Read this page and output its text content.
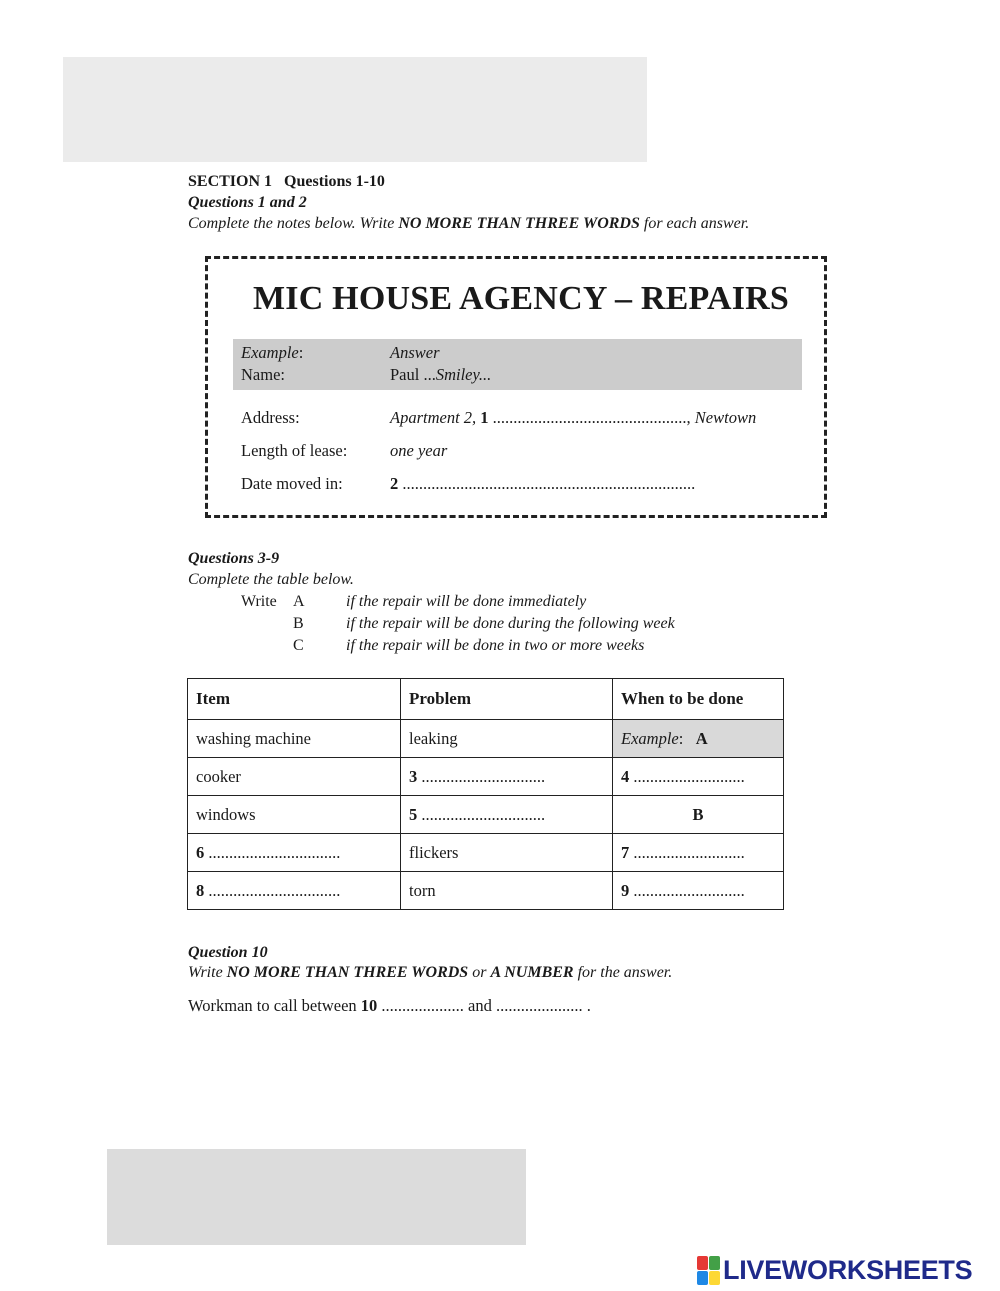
SECTION 1 Questions 1-10
Questions 1 and 2
Complete the notes below. Write NO MORE THAN THREE WORDS for each answer.
MIC HOUSE AGENCY – REPAIRS
Example:	Answer
Name:	Paul ...Smiley...
Address:	Apartment 2, 1 ..............................................., Newtown
Length of lease:	one year
Date moved in:	2 .......................................................................
Questions 3-9
Complete the table below.
Write A	if the repair will be done immediately
B	if the repair will be done during the following week
C	if the repair will be done in two or more weeks
Item	Problem	When to be done
washing machine	leaking	Example: A
cooker	3 ..............................	4 ...........................
windows	5 ..............................	B
6 ................................	flickers	7 ...........................
8 ................................	torn	9 ...........................
Question 10
Write NO MORE THAN THREE WORDS or A NUMBER for the answer.
Workman to call between 10 .................... and ..................... .
LIVEWORKSHEETS
